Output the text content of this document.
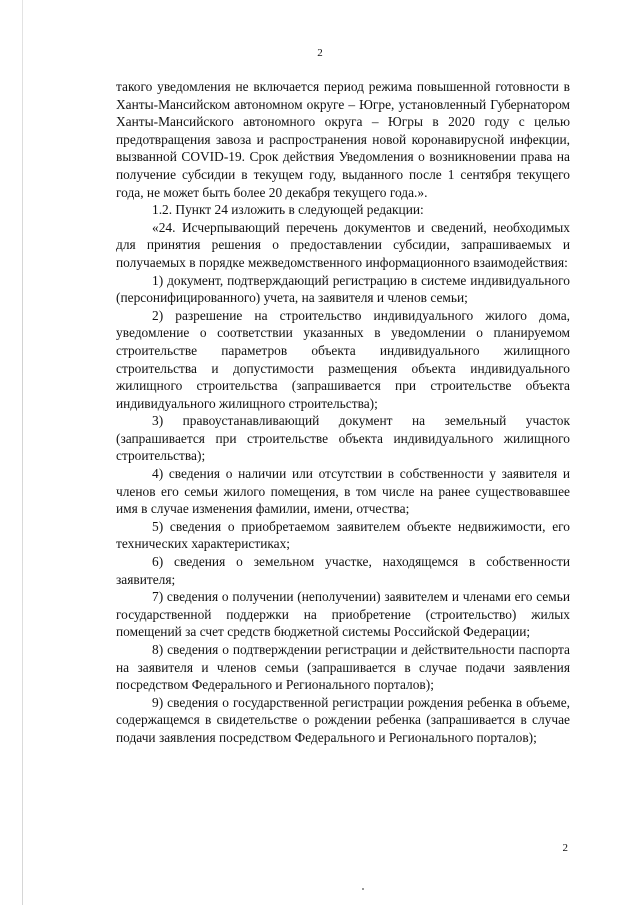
2

такого уведомления не включается период режима повышенной готовности в Ханты-Мансийском автономном округе – Югре, установленный Губернатором Ханты-Мансийского автономного округа – Югры в 2020 году с целью предотвращения завоза и распространения новой коронавирусной инфекции, вызванной COVID-19. Срок действия Уведомления о возникновении права на получение субсидии в текущем году, выданного после 1 сентября текущего года, не может быть более 20 декабря текущего года.».

1.2. Пункт 24 изложить в следующей редакции:

«24. Исчерпывающий перечень документов и сведений, необходимых для принятия решения о предоставлении субсидии, запрашиваемых и получаемых в порядке межведомственного информационного взаимодействия:

1) документ, подтверждающий регистрацию в системе индивидуального (персонифицированного) учета, на заявителя и членов семьи;

2) разрешение на строительство индивидуального жилого дома, уведомление о соответствии указанных в уведомлении о планируемом строительстве параметров объекта индивидуального жилищного строительства и допустимости размещения объекта индивидуального жилищного строительства (запрашивается при строительстве объекта индивидуального жилищного строительства);

3) правоустанавливающий документ на земельный участок (запрашивается при строительстве объекта индивидуального жилищного строительства);

4) сведения о наличии или отсутствии в собственности у заявителя и членов его семьи жилого помещения, в том числе на ранее существовавшее имя в случае изменения фамилии, имени, отчества;

5) сведения о приобретаемом заявителем объекте недвижимости, его технических характеристиках;

6) сведения о земельном участке, находящемся в собственности заявителя;

7) сведения о получении (неполучении) заявителем и членами его семьи государственной поддержки на приобретение (строительство) жилых помещений за счет средств бюджетной системы Российской Федерации;

8) сведения о подтверждении регистрации и действительности паспорта на заявителя и членов семьи (запрашивается в случае подачи заявления посредством Федерального и Регионального порталов);

9) сведения о государственной регистрации рождения ребенка в объеме, содержащемся в свидетельстве о рождении ребенка (запрашивается в случае подачи заявления посредством Федерального и Регионального порталов);

2
